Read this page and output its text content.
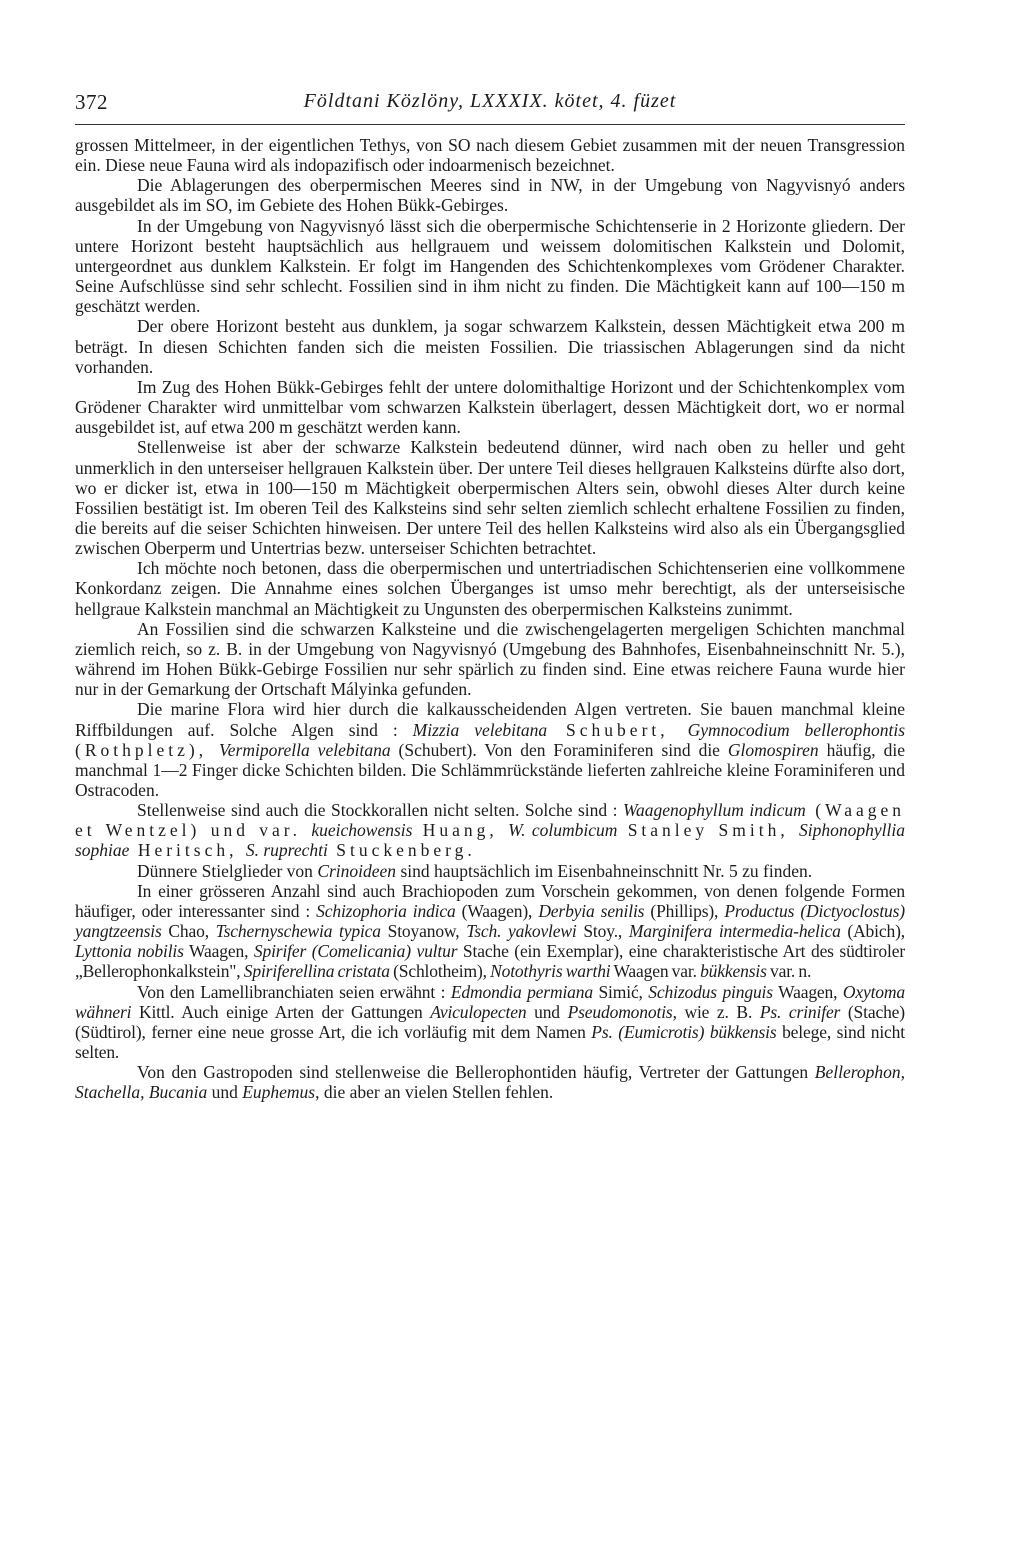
372	Földtani Közlöny, LXXXIX. kötet, 4. füzet

grossen Mittelmeer, in der eigentlichen Tethys, von SO nach diesem Gebiet zusammen mit der neuen Transgression ein. Diese neue Fauna wird als indopazifisch oder indoarmenisch bezeichnet.

Die Ablagerungen des oberpermischen Meeres sind in NW, in der Umgebung von Nagyvisnyó anders ausgebildet als im SO, im Gebiete des Hohen Bükk-Gebirges.

In der Umgebung von Nagyvisnyó lässt sich die oberpermische Schichtenserie in 2 Horizonte gliedern. Der untere Horizont besteht hauptsächlich aus hellgrauem und weissem dolomitischen Kalkstein und Dolomit, untergeordnet aus dunklem Kalkstein. Er folgt im Hangenden des Schichtenkomplexes vom Grödener Charakter. Seine Aufschlüsse sind sehr schlecht. Fossilien sind in ihm nicht zu finden. Die Mächtigkeit kann auf 100—150 m geschätzt werden.

Der obere Horizont besteht aus dunklem, ja sogar schwarzem Kalkstein, dessen Mächtigkeit etwa 200 m beträgt. In diesen Schichten fanden sich die meisten Fossilien. Die triassischen Ablagerungen sind da nicht vorhanden.

Im Zug des Hohen Bükk-Gebirges fehlt der untere dolomithaltige Horizont und der Schichtenkomplex vom Grödener Charakter wird unmittelbar vom schwarzen Kalkstein überlagert, dessen Mächtigkeit dort, wo er normal ausgebildet ist, auf etwa 200 m geschätzt werden kann.

Stellenweise ist aber der schwarze Kalkstein bedeutend dünner, wird nach oben zu heller und geht unmerklich in den unterseiser hellgrauen Kalkstein über. Der untere Teil dieses hellgrauen Kalksteins dürfte also dort, wo er dicker ist, etwa in 100—150 m Mächtigkeit oberpermischen Alters sein, obwohl dieses Alter durch keine Fossilien bestätigt ist. Im oberen Teil des Kalksteins sind sehr selten ziemlich schlecht erhaltene Fossilien zu finden, die bereits auf die seiser Schichten hinweisen. Der untere Teil des hellen Kalksteins wird also als ein Übergangsglied zwischen Oberperm und Untertrias bezw. unterseiser Schichten betrachtet.

Ich möchte noch betonen, dass die oberpermischen und untertriadischen Schichtenserien eine vollkommene Konkordanz zeigen. Die Annahme eines solchen Überganges ist umso mehr berechtigt, als der unterseisische hellgraue Kalkstein manchmal an Mächtigkeit zu Ungunsten des oberpermischen Kalksteins zunimmt.

An Fossilien sind die schwarzen Kalksteine und die zwischengelagerten mergeligen Schichten manchmal ziemlich reich, so z. B. in der Umgebung von Nagyvisnyó (Umgebung des Bahnhofes, Eisenbahneinschnitt Nr. 5.), während im Hohen Bükk-Gebirge Fossilien nur sehr spärlich zu finden sind. Eine etwas reichere Fauna wurde hier nur in der Gemarkung der Ortschaft Mályinka gefunden.

Die marine Flora wird hier durch die kalkausscheidenden Algen vertreten. Sie bauen manchmal kleine Riffbildungen auf. Solche Algen sind : Mizzia velebitana Schubert, Gymnocodium bellerophontis (Rothpletz), Vermiporella velebitana (Schubert). Von den Foraminiferen sind die Glomospiren häufig, die manchmal 1—2 Finger dicke Schichten bilden. Die Schlämmrückstände lieferten zahlreiche kleine Foraminiferen und Ostracoden.

Stellenweise sind auch die Stockkorallen nicht selten. Solche sind : Waagenophyllum indicum (Waagen et Wentzel) und var. kueichowensis Huang, W. columbicum Stanley Smith, Siphonophyllia sophiae Heritsch, S. ruprechti Stuckenberg.

Dünnere Stielglieder von Crinoideen sind hauptsächlich im Eisenbahneinschnitt Nr. 5 zu finden.

In einer grösseren Anzahl sind auch Brachiopoden zum Vorschein gekommen, von denen folgende Formen häufiger, oder interessanter sind : Schizophoria indica (Waagen), Derbyia senilis (Phillips), Productus (Dictyoclostus) yangtzeensis Chao, Tschernyschewia typica Stoyanow, Tsch. yakovlewi Stoy., Marginifera intermedia-helica (Abich), Lyttonia nobilis Waagen, Spirifer (Comelicania) vultur Stache (ein Exemplar), eine charakteristische Art des südtiroler „Bellerophonkalkstein", Spiriferellina cristata (Schlotheim), Notothyris warthi Waagen var. bükkensis var. n.

Von den Lamellibranchiaten seien erwähnt : Edmondia permiana Simić, Schizodus pinguis Waagen, Oxytoma wähneri Kittl. Auch einige Arten der Gattungen Aviculopecten und Pseudomonotis, wie z. B. Ps. crinifer (Stache) (Südtirol), ferner eine neue grosse Art, die ich vorläufig mit dem Namen Ps. (Eumicrotis) bükkensis belege, sind nicht selten.

Von den Gastropoden sind stellenweise die Bellerophontiden häufig, Vertreter der Gattungen Bellerophon, Stachella, Bucania und Euphemus, die aber an vielen Stellen fehlen.
